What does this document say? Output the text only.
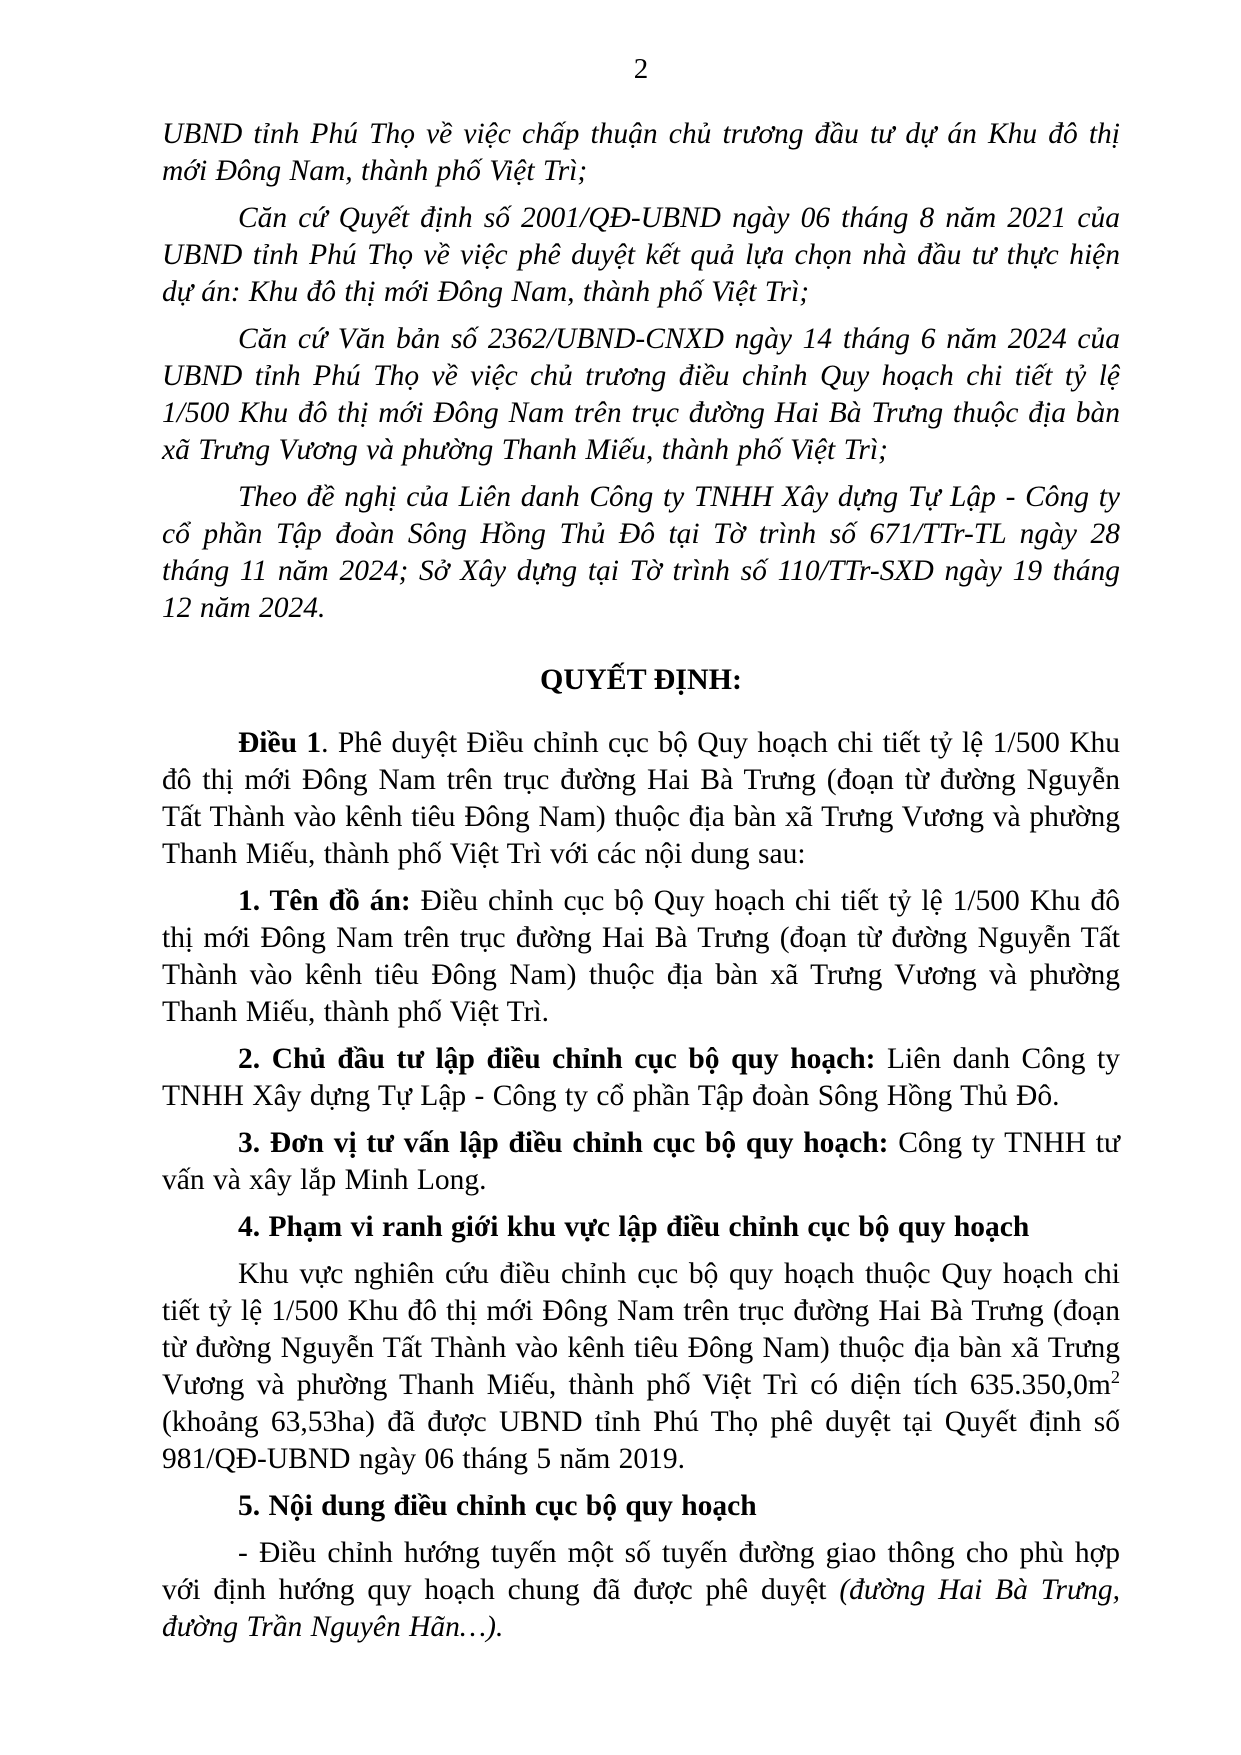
2

UBND tỉnh Phú Thọ về việc chấp thuận chủ trương đầu tư dự án Khu đô thị mới Đông Nam, thành phố Việt Trì;

Căn cứ Quyết định số 2001/QĐ-UBND ngày 06 tháng 8 năm 2021 của UBND tỉnh Phú Thọ về việc phê duyệt kết quả lựa chọn nhà đầu tư thực hiện dự án: Khu đô thị mới Đông Nam, thành phố Việt Trì;

Căn cứ Văn bản số 2362/UBND-CNXD ngày 14 tháng 6 năm 2024 của UBND tỉnh Phú Thọ về việc chủ trương điều chỉnh Quy hoạch chi tiết tỷ lệ 1/500 Khu đô thị mới Đông Nam trên trục đường Hai Bà Trưng thuộc địa bàn xã Trưng Vương và phường Thanh Miếu, thành phố Việt Trì;

Theo đề nghị của Liên danh Công ty TNHH Xây dựng Tự Lập - Công ty cổ phần Tập đoàn Sông Hồng Thủ Đô tại Tờ trình số 671/TTr-TL ngày 28 tháng 11 năm 2024; Sở Xây dựng tại Tờ trình số 110/TTr-SXD ngày 19 tháng 12 năm 2024.

QUYẾT ĐỊNH:

Điều 1. Phê duyệt Điều chỉnh cục bộ Quy hoạch chi tiết tỷ lệ 1/500 Khu đô thị mới Đông Nam trên trục đường Hai Bà Trưng (đoạn từ đường Nguyễn Tất Thành vào kênh tiêu Đông Nam) thuộc địa bàn xã Trưng Vương và phường Thanh Miếu, thành phố Việt Trì với các nội dung sau:

1. Tên đồ án: Điều chỉnh cục bộ Quy hoạch chi tiết tỷ lệ 1/500 Khu đô thị mới Đông Nam trên trục đường Hai Bà Trưng (đoạn từ đường Nguyễn Tất Thành vào kênh tiêu Đông Nam) thuộc địa bàn xã Trưng Vương và phường Thanh Miếu, thành phố Việt Trì.

2. Chủ đầu tư lập điều chỉnh cục bộ quy hoạch: Liên danh Công ty TNHH Xây dựng Tự Lập - Công ty cổ phần Tập đoàn Sông Hồng Thủ Đô.

3. Đơn vị tư vấn lập điều chỉnh cục bộ quy hoạch: Công ty TNHH tư vấn và xây lắp Minh Long.

4. Phạm vi ranh giới khu vực lập điều chỉnh cục bộ quy hoạch

Khu vực nghiên cứu điều chỉnh cục bộ quy hoạch thuộc Quy hoạch chi tiết tỷ lệ 1/500 Khu đô thị mới Đông Nam trên trục đường Hai Bà Trưng (đoạn từ đường Nguyễn Tất Thành vào kênh tiêu Đông Nam) thuộc địa bàn xã Trưng Vương và phường Thanh Miếu, thành phố Việt Trì có diện tích $635.350,0m^2$ (khoảng 63,53ha) đã được UBND tỉnh Phú Thọ phê duyệt tại Quyết định số 981/QĐ-UBND ngày 06 tháng 5 năm 2019.

5. Nội dung điều chỉnh cục bộ quy hoạch

- Điều chỉnh hướng tuyến một số tuyến đường giao thông cho phù hợp với định hướng quy hoạch chung đã được phê duyệt (đường Hai Bà Trưng, đường Trần Nguyên Hãn…).
